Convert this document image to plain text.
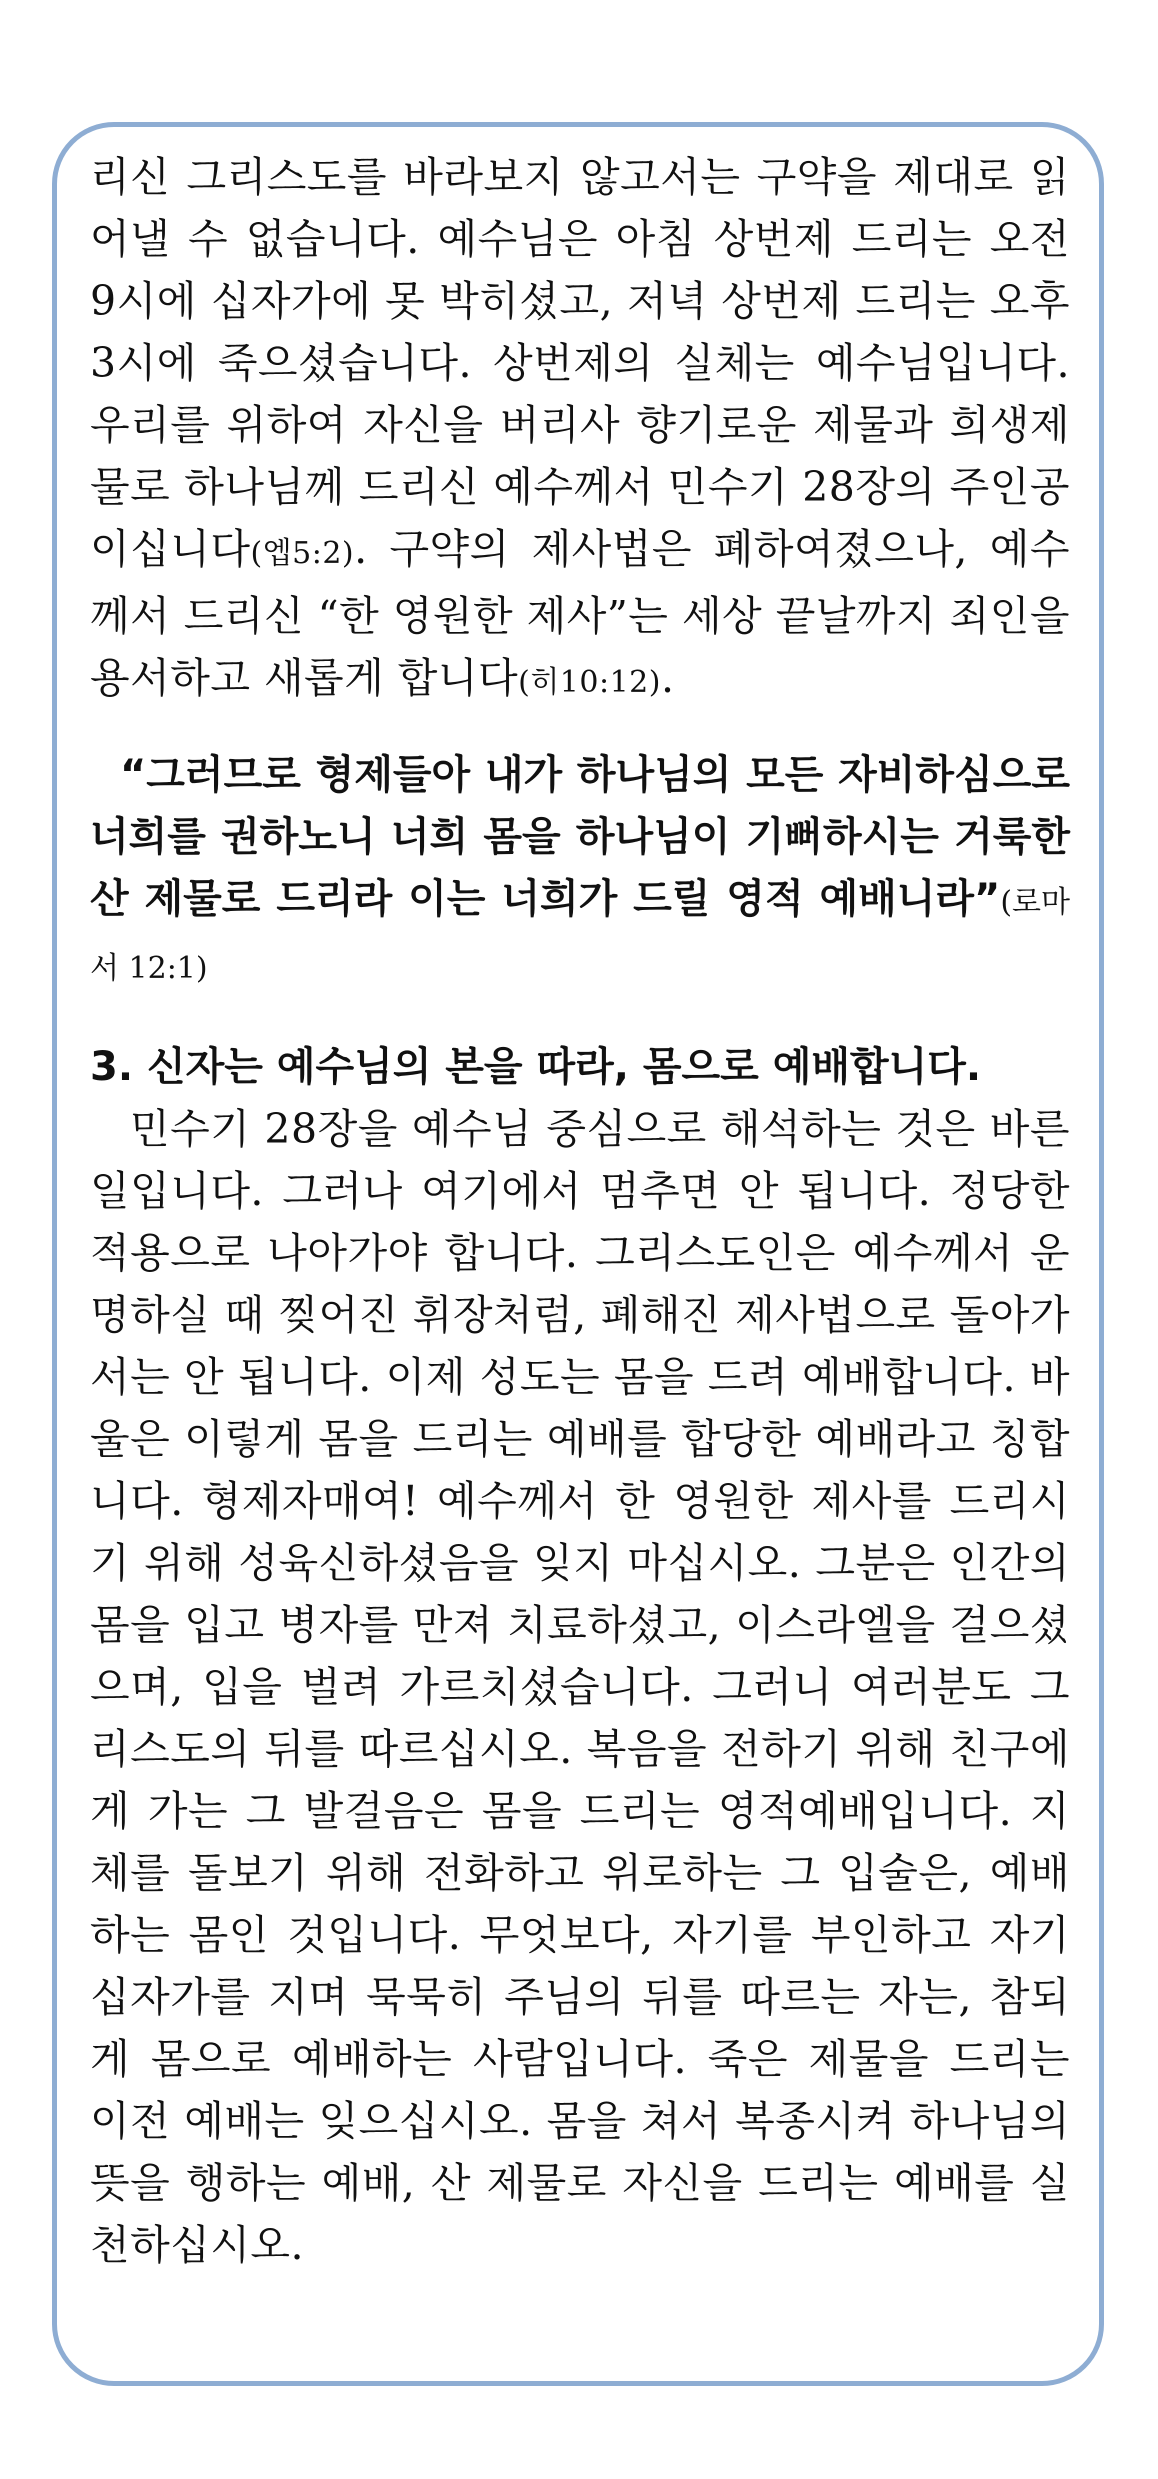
리신 그리스도를 바라보지 않고서는 구약을 제대로 읽어낼 수 없습니다. 예수님은 아침 상번제 드리는 오전 9시에 십자가에 못 박히셨고, 저녁 상번제 드리는 오후 3시에 죽으셨습니다. 상번제의 실체는 예수님입니다. 우리를 위하여 자신을 버리사 향기로운 제물과 희생제물로 하나님께 드리신 예수께서 민수기 28장의 주인공이십니다(엡5:2). 구약의 제사법은 폐하여졌으나, 예수께서 드리신 “한 영원한 제사”는 세상 끝날까지 죄인을 용서하고 새롭게 합니다(히10:12).

“그러므로 형제들아 내가 하나님의 모든 자비하심으로 너희를 권하노니 너희 몸을 하나님이 기뻐하시는 거룩한 산 제물로 드리라 이는 너희가 드릴 영적 예배니라”(로마서 12:1)

3. 신자는 예수님의 본을 따라, 몸으로 예배합니다.

민수기 28장을 예수님 중심으로 해석하는 것은 바른 일입니다. 그러나 여기에서 멈추면 안 됩니다. 정당한 적용으로 나아가야 합니다. 그리스도인은 예수께서 운명하실 때 찢어진 휘장처럼, 폐해진 제사법으로 돌아가서는 안 됩니다. 이제 성도는 몸을 드려 예배합니다. 바울은 이렇게 몸을 드리는 예배를 합당한 예배라고 칭합니다. 형제자매여! 예수께서 한 영원한 제사를 드리시기 위해 성육신하셨음을 잊지 마십시오. 그분은 인간의 몸을 입고 병자를 만져 치료하셨고, 이스라엘을 걸으셨으며, 입을 벌려 가르치셨습니다. 그러니 여러분도 그리스도의 뒤를 따르십시오. 복음을 전하기 위해 친구에게 가는 그 발걸음은 몸을 드리는 영적예배입니다. 지체를 돌보기 위해 전화하고 위로하는 그 입술은, 예배하는 몸인 것입니다. 무엇보다, 자기를 부인하고 자기 십자가를 지며 묵묵히 주님의 뒤를 따르는 자는, 참되게 몸으로 예배하는 사람입니다. 죽은 제물을 드리는 이전 예배는 잊으십시오. 몸을 쳐서 복종시켜 하나님의 뜻을 행하는 예배, 산 제물로 자신을 드리는 예배를 실천하십시오.
